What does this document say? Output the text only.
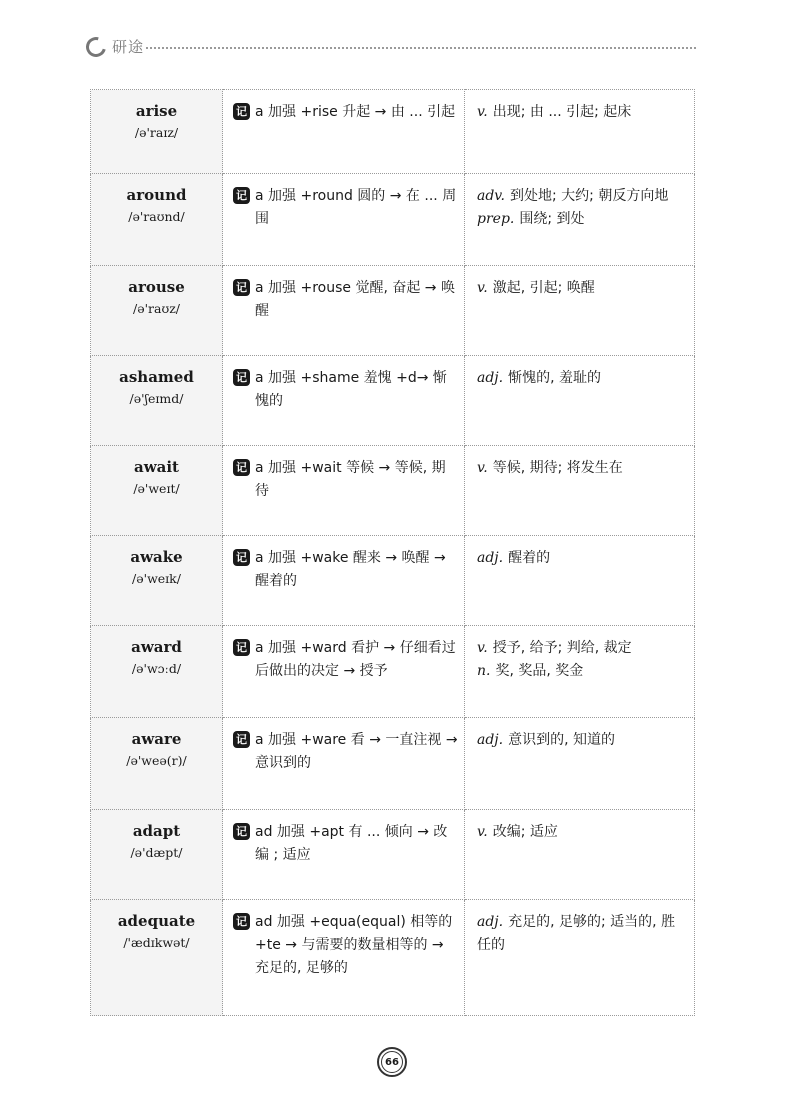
研途
arise
/ə'raɪz/	记 a 加强 +rise 升起 → 由 ... 引起	v. 出现; 由 ... 引起; 起床

around
/ə'raʊnd/	记 a 加强 +round 圆的 → 在 ... 周围	adv. 到处地; 大约; 朝反方向地
prep. 围绕; 到处

arouse
/ə'raʊz/	记 a 加强 +rouse 觉醒, 奋起 → 唤醒	v. 激起, 引起; 唤醒

ashamed
/ə'ʃeɪmd/	记 a 加强 +shame 羞愧 +d→ 惭愧的	adj. 惭愧的, 羞耻的

await
/ə'weɪt/	记 a 加强 +wait 等候 → 等候, 期待	v. 等候, 期待; 将发生在

awake
/ə'weɪk/	记 a 加强 +wake 醒来 → 唤醒 → 醒着的	adj. 醒着的

award
/ə'wɔːd/	记 a 加强 +ward 看护 → 仔细看过后做出的决定 → 授予	v. 授予, 给予; 判给, 裁定
n. 奖, 奖品, 奖金

aware
/ə'weə(r)/	记 a 加强 +ware 看 → 一直注视 → 意识到的	adj. 意识到的, 知道的

adapt
/ə'dæpt/	记 ad 加强 +apt 有 ... 倾向 → 改编 ; 适应	v. 改编; 适应

adequate
/'ædɪkwət/	记 ad 加强 +equa(equal) 相等的 +te → 与需要的数量相等的 → 充足的, 足够的	adj. 充足的, 足够的; 适当的, 胜任的
66
